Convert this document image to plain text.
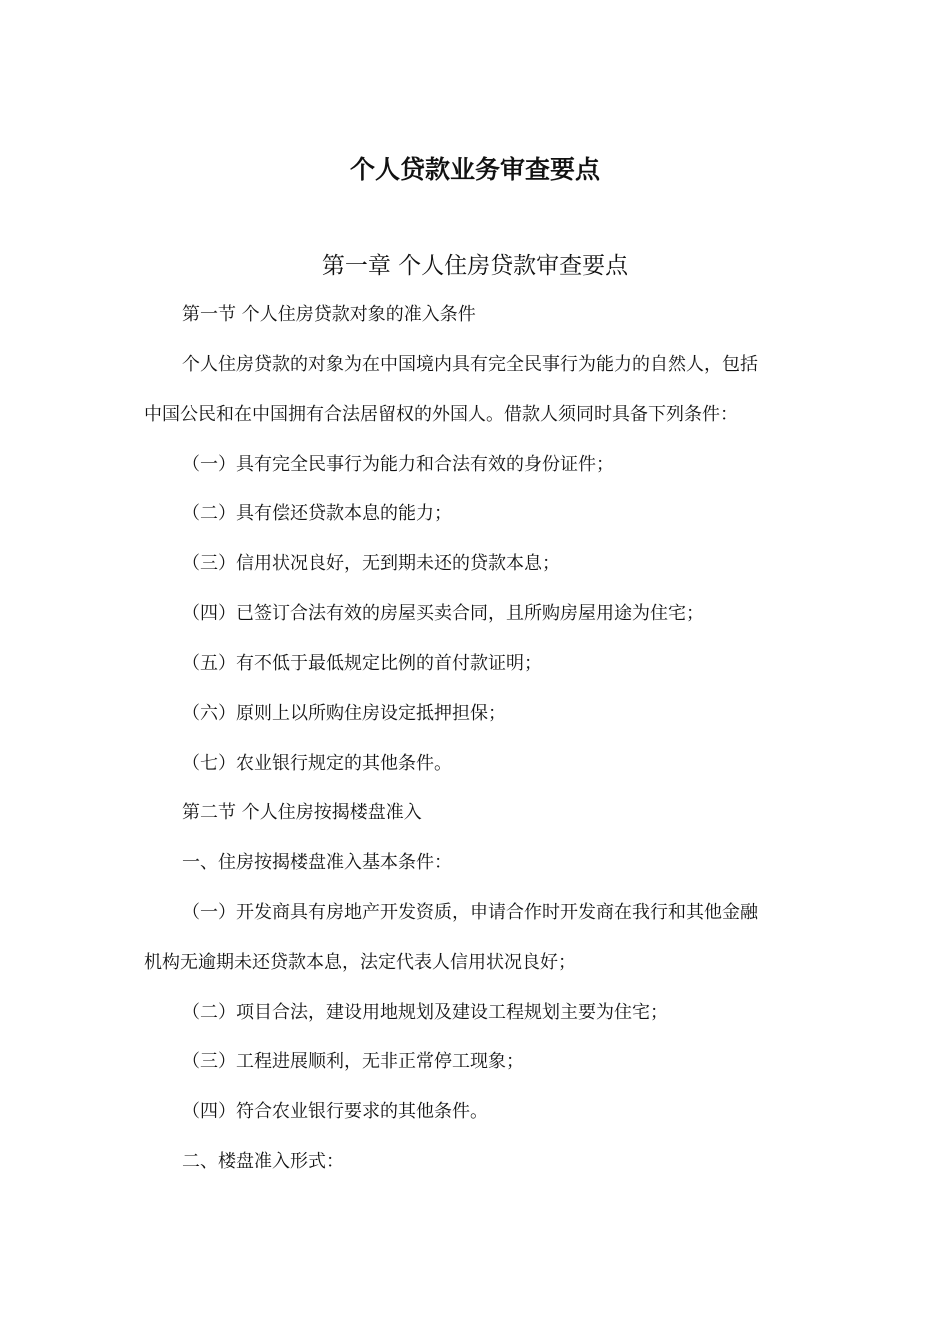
个人贷款业务审查要点
第一章 个人住房贷款审查要点

第一节 个人住房贷款对象的准入条件

个人住房贷款的对象为在中国境内具有完全民事行为能力的自然人，包括

中国公民和在中国拥有合法居留权的外国人。借款人须同时具备下列条件：

（一）具有完全民事行为能力和合法有效的身份证件；

（二）具有偿还贷款本息的能力；

（三）信用状况良好，无到期未还的贷款本息；

（四）已签订合法有效的房屋买卖合同，且所购房屋用途为住宅；

（五）有不低于最低规定比例的首付款证明；

（六）原则上以所购住房设定抵押担保；

（七）农业银行规定的其他条件。

第二节 个人住房按揭楼盘准入

一、住房按揭楼盘准入基本条件：

（一）开发商具有房地产开发资质，申请合作时开发商在我行和其他金融

机构无逾期未还贷款本息，法定代表人信用状况良好；

（二）项目合法，建设用地规划及建设工程规划主要为住宅；

（三）工程进展顺利，无非正常停工现象；

（四）符合农业银行要求的其他条件。

二、楼盘准入形式：
